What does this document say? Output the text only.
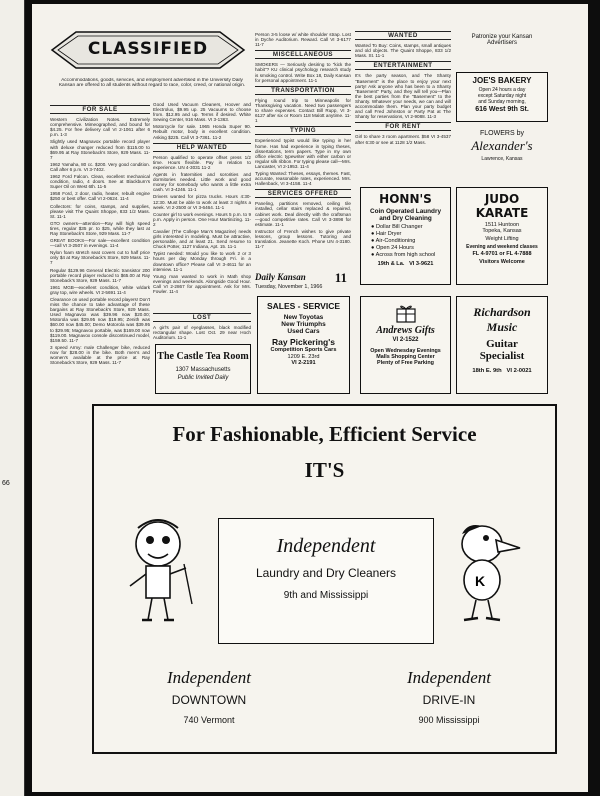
66
CLASSIFIED
Accommodations, goods, services, and employment advertised in the University Daily Kansan are offered to all students without regard to race, color, creed, or national origin.
FOR SALE

Western Civilization Notes. Extremely comprehensive. Mimeographed, and bound for $4.25. For free delivery call VI 2-1061 after 6 p.m. 1-3

Slightly used Magnavox portable record player with deluxe changer reduced from $115.00 to $69.95 at Ray Stoneback's Store, 929 Mass. 11-7

1962 Yamaha, 80 cc. $200. Very good condition. Call after 6 p.m. VI 3-7402.

1962 Ford Falcon. Clean, excellent mechanical condition, radio, 4 doors. See at Blackburn's Super Oil on West 6th. 11-5

1958 Ford, 2 door, radio, heater, rebuilt engine $250 or best offer. Call VI 2-0624. 11-4

Collectors: for coins, stamps, and supplies, please visit The Quaint Shoppe, 833 1/2 Mass. St. 11-1

GTO owners—attention—Ray will high speed tires, regular $35 pr. to $25, while they last at Ray Stoneback's Store, 929 Mass. 11-7

GREAT BOOKS—For sale—excellent condition—call VI 3-2507 in evenings. 11-4

Nylon foam stretch seat covers cut to half price only $4 at Ray Stoneback's Store, 929 Mass. 11-7

Regular $129.96 General Electric transistor 200 portable record player reduced to $65.00 at Ray Stoneback's Store, 929 Mass. 11-7

1961 MGB—excellent condition, white w/dark gray top, wire wheels. VI 2-5691 11-4

Clearance on used portable record players! Don't miss the chance to take advantage of these bargains at Ray Stoneback's Store, 929 Mass. Used Magnavox was $39.96 now $20.00; Motorola was $29.95 now $19.95; Zenith was $60.00 now $45.00; Demo Motorola was $39.95 to $29.95; Magnavox portable, was $169.00 now $119.00. Magnavox console discontinued model, $159.50. 11-7

3 speed Army: male Challenger bike, reduced now for $28.00 in the bike. Both men's and women's available at the price at Ray Stoneback's Store, 929 Mass. 11-7

Good Used Vacuum Cleaners, Hoover and Electrolux, $9.95 up. 25 Vacuums to choose from. $12.95 and up. Terms if desired. White Sewing Center, 916 Mass. VI 3-1363.

Motorcycle for sale. 1965 Honda Super 90. Rebuilt motor, body in excellent condition. Asking $225. Call VI 3-7361. 11-2

HELP WANTED

Person qualified to operate offset press 1/2 time. Hours flexible. Pay in relation to experience. UN 4-3031 11-2

Agents in fraternities and sororities and dormitories needed. Little work and good money for somebody who wants a little extra cash. VI 3-4246. 11-1

Drivers wanted for pizza trucks. Hours 4:30-12:30. Must be able to work at least 3 nights a week. VI 2-2500 or VI 3-6464. 11-1

Counter girl to work evenings. Hours 5 p.m. to 9 p.m. Apply in person. One Hour Martinizing. 11-2

Cavalier (The College Man's Magazine) needs girls interested in modeling. Must be attractive, personable, and at least 21. Send resume to Chuck Potter, 1127 Indiana, Apt. 15. 11-1

Typist needed: Would you like to work 2 or 3 hours per day Monday through Fri. in a downtown office? Please call VI 3-4611 for an interview. 11-1

Young man wanted to work in Math shop evenings and weekends. Alongside Good Hour. Call VI 2-2867 for appointment. Ask for Mrs. Fowler. 11-4

LOST

A girl's pair of eyeglasses, black modified rectangular shape. Lost Oct. 29 near Hoch Auditorium. 11-1

The Castle Tea Room
1307 Massachusetts
Public Invited Daily

Person 3-5 loose w/ white shoulder strap. Lost in Dyche Auditorium. Reward. Call VI 3-6177 11-7

MISCELLANEOUS

SMOKERS — Seriously desiring to "kick the habit"? KU clinical psychology research study is smoking control. Write Box 18, Daily Kansan for personal appointment. 11-1

TRANSPORTATION

Flying round trip to Minneapolis for Thanksgiving vacation. Need two passengers to share expenses. Contact Bill Rupp, VI 3-6127 after six or Room 118 Malott anytime. 11-1

TYPING

Experienced typist would like typing in her home. Has had experience in typing theses, dissertations, term papers. Type in my own office electric typewriter with either carbon or regular silk ribbon. For typing please call—Mrs. Lancaster, VI 2-1953. 11-4

Typing Wanted: Theses, essays, themes. Fast, accurate, reasonable rates, experienced. Mrs. Hallenback, VI 3-4158. 11-4

SERVICES OFFERED

Paneling, partitions removed, ceiling tile installed, cellar stairs replaced & repaired, cabinet work. Deal directly with the craftsman—good competitive rates. Call VI 3-3898 for estimate. 11-1

Instructor of French wishes to give private lessons, group lessons. Tutoring and translation. Jeanette Koch. Phone UN 4-3180. 11-7

Daily Kansan 11
Tuesday, November 1, 1966
WANTED

Wanted To Buy: Coins, stamps, small antiques and old objects. The Quaint Shoppe, 833 1/2 Mass. St. 11-1

ENTERTAINMENT

It's the party season, and The Shanty "Basement" is the place to enjoy your next party! Ask anyone who has been to a Shanty "Basement" Party, and they will tell you—Plan the best parties from the "Basement" to the Shanty. Whatever your needs, we can and will accommodate them. Plan your party budget and call Fred Johnston or Party Pat at The Shanty for reservations, VI 2-9088. 11-3

FOR RENT

Girl to share 3 room apartment. $58 VI 3-4537 after 6:30 or see at 1128 1/2 Mass.

Patronize your Kansan Advertisers
JOE'S BAKERY
Open 24 hours a day
except Saturday night
and Sunday morning,
616 West 9th St.
FLOWERS by
Alexander's
Lawrence, Kansas
HONN'S
Coin Operated Laundry and Dry Cleaning
● Dollar Bill Changer
● Hair Dryer
● Air-Conditioning
● Open 24 Hours
● Across from high school
19th & La. VI 3-9621
JUDO
KARATE
1511 Huntoon
Topeka, Kansas
Weight Lifting
Evening and weekend classes
FL 4-9701 or FL 4-7888
Visitors Welcome
SALES - SERVICE
New Toyotas
New Triumphs
Used Cars
Ray Pickering's
Competition Sports Cars
1209 E. 23rd
VI 2-2191
Andrews Gifts
VI 2-1522
Open Wednesday Evenings
Malls Shopping Center
Plenty of Free Parking
Richardson
Music
Guitar
Specialist
18th E. 9th VI 2-0021
For Fashionable, Efficient Service
IT'S
K
Independent
Laundry and Dry Cleaners
9th and Mississippi
Independent
DOWNTOWN
740 Vermont
Independent
DRIVE-IN
900 Mississippi
